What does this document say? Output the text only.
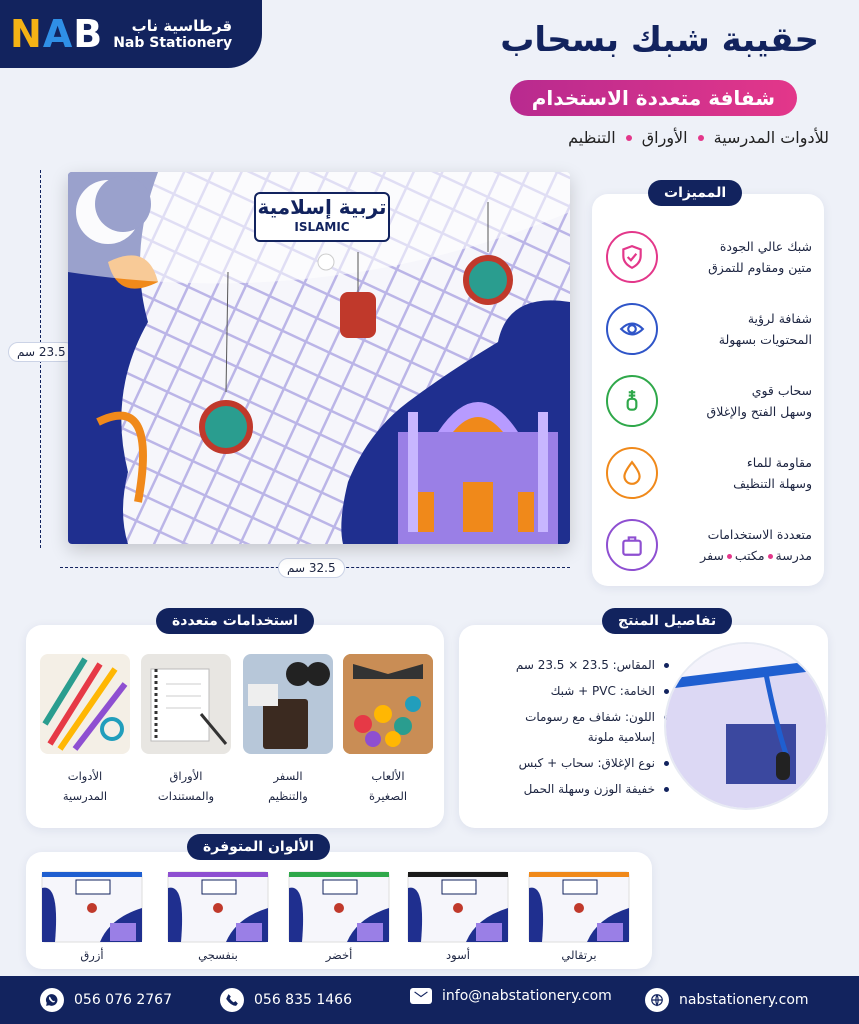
N A B	قرطاسية ناب
Nab Stationery	حقيبة شبك بسحاب
شفافة متعددة الاستخدام
للأدوات المدرسية
الأوراق
التنظيم
23.5 سم
32.5 سم
تربية إسلامية
ISLAMIC
المميزات
شبك عالي الجودة
متين ومقاوم للتمزق
شفافة لرؤية
المحتويات بسهولة
سحاب قوي
وسهل الفتح والإغلاق
مقاومة للماء
وسهلة التنظيف
متعددة الاستخدامات
مدرسةمكتبسفر
استخدامات متعددة
الألعاب
الصغيرة
السفر
والتنظيم
الأوراق
والمستندات
الأدوات
المدرسية
تفاصيل المنتج
المقاس: 23.5 × 23.5 سم
الخامة: PVC + شبك
اللون: شفاف مع رسومات إسلامية ملونة
نوع الإغلاق: سحاب + كبس
خفيفة الوزن وسهلة الحمل
الألوان المتوفرة
أزرق	بنفسجي	أخضر	أسود	برتقالي
056 076 2767	056 835 1466	info@nabstationery.com	nabstationery.com
